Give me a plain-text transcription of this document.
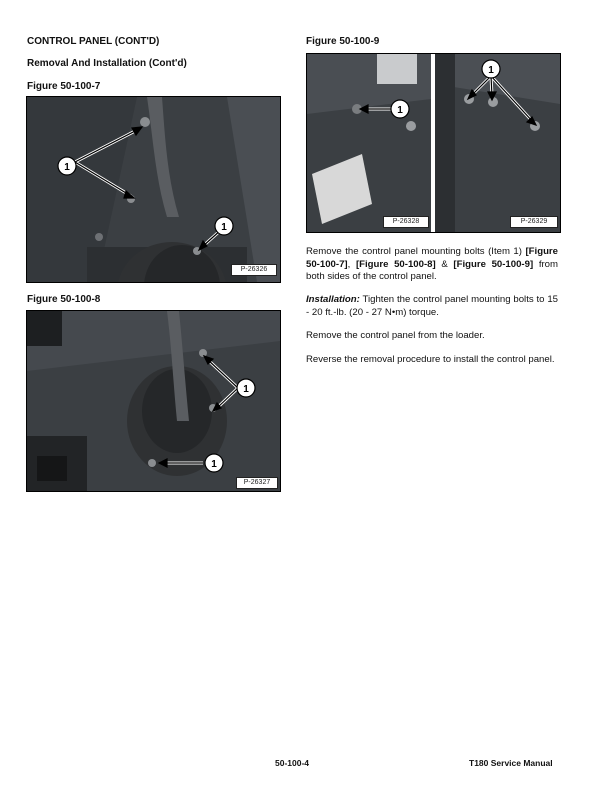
CONTROL PANEL (CONT'D)

Removal And Installation (Cont'd)

Figure 50-100-7

1
1
P-26326

Figure 50-100-8

1
1
P-26327

Figure 50-100-9

1
1
P-26328	P-26329

Remove the control panel mounting bolts (Item 1) [Figure 50-100-7], [Figure 50-100-8] & [Figure 50-100-9] from both sides of the control panel.

Installation: Tighten the control panel mounting bolts to 15 - 20 ft.-lb. (20 - 27 N•m) torque.

Remove the control panel from the loader.

Reverse the removal procedure to install the control panel.

50-100-4	T180 Service Manual
